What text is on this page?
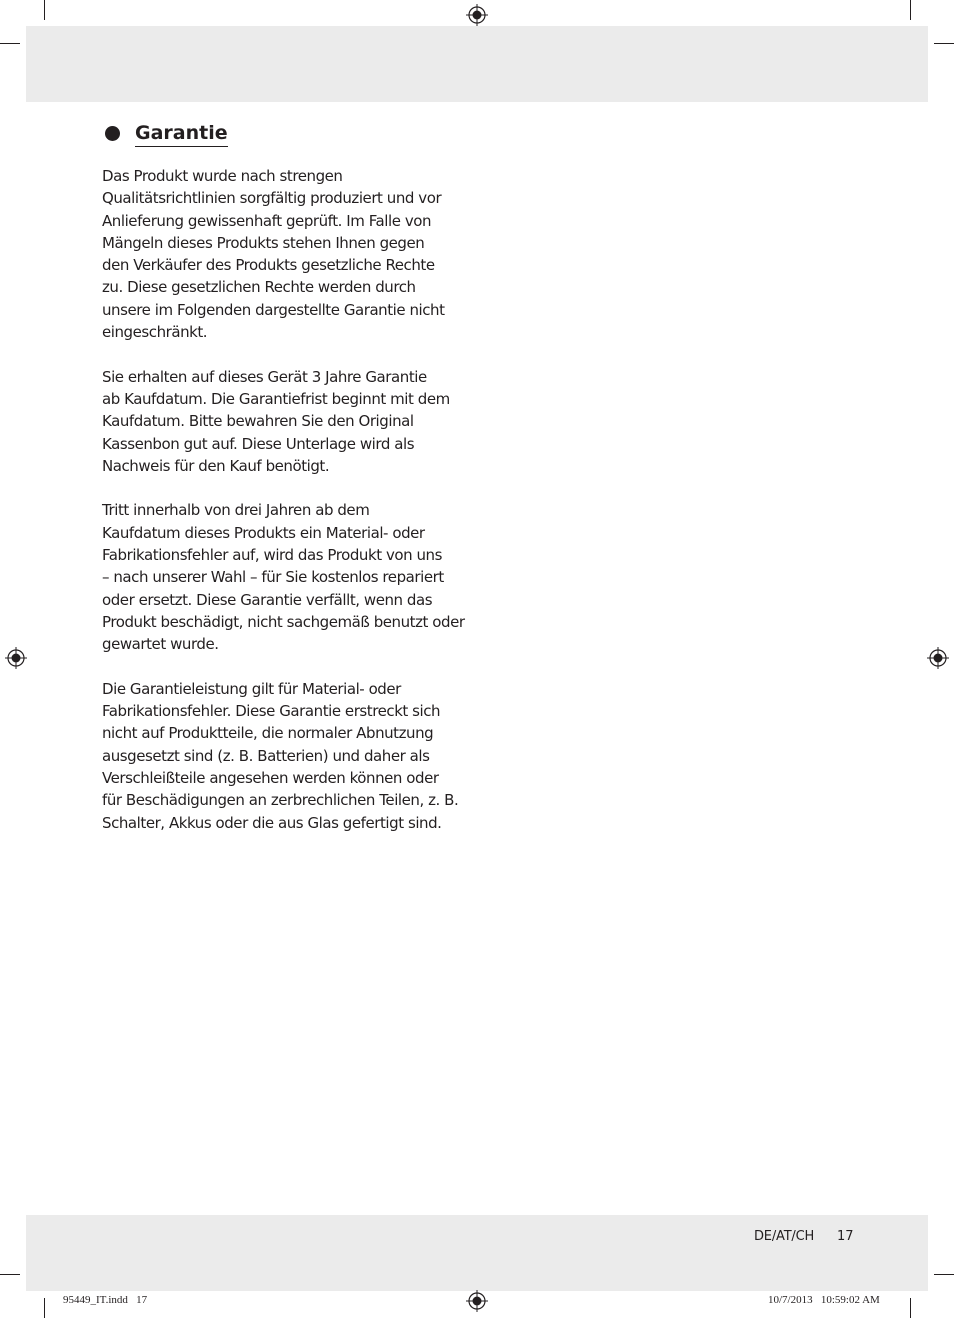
Garantie

Das Produkt wurde nach strengen
Qualitätsrichtlinien sorgfältig produziert und vor
Anlieferung gewissenhaft geprüft. Im Falle von
Mängeln dieses Produkts stehen Ihnen gegen
den Verkäufer des Produkts gesetzliche Rechte
zu. Diese gesetzlichen Rechte werden durch
unsere im Folgenden dargestellte Garantie nicht
eingeschränkt.

Sie erhalten auf dieses Gerät 3 Jahre Garantie
ab Kaufdatum. Die Garantiefrist beginnt mit dem
Kaufdatum. Bitte bewahren Sie den Original
Kassenbon gut auf. Diese Unterlage wird als
Nachweis für den Kauf benötigt.

Tritt innerhalb von drei Jahren ab dem
Kaufdatum dieses Produkts ein Material- oder
Fabrikationsfehler auf, wird das Produkt von uns
– nach unserer Wahl – für Sie kostenlos repariert
oder ersetzt. Diese Garantie verfällt, wenn das
Produkt beschädigt, nicht sachgemäß benutzt oder
gewartet wurde.

Die Garantieleistung gilt für Material- oder
Fabrikationsfehler. Diese Garantie erstreckt sich
nicht auf Produktteile, die normaler Abnutzung
ausgesetzt sind (z. B. Batterien) und daher als
Verschleißteile angesehen werden können oder
für Beschädigungen an zerbrechlichen Teilen, z. B.
Schalter, Akkus oder die aus Glas gefertigt sind.

DE/AT/CH 17
95449_IT.indd   17	10/7/2013   10:59:02 AM
